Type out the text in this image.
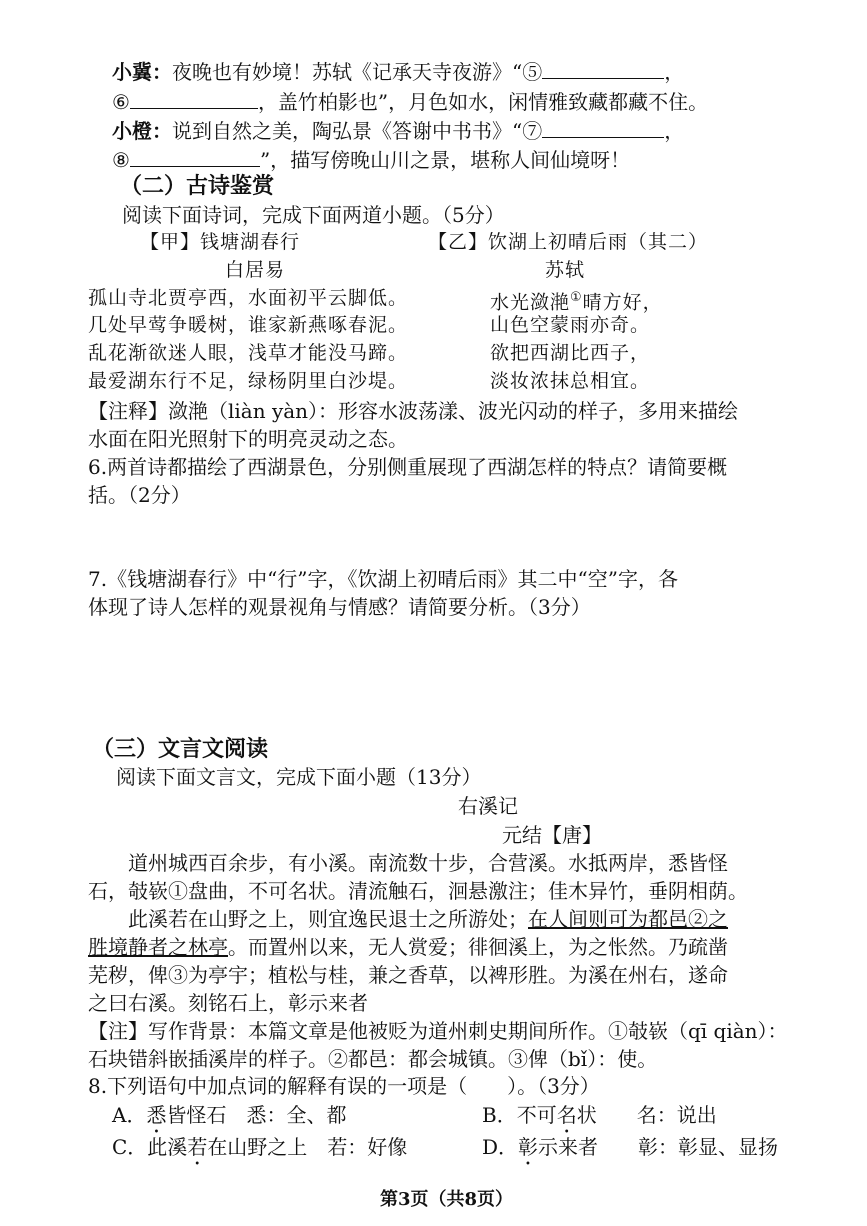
小冀：夜晚也有妙境！苏轼《记承天寺夜游》“⑤	，
⑥	，盖竹柏影也”，月色如水，闲情雅致藏都藏不住。
小橙：说到自然之美，陶弘景《答谢中书书》“⑦	，
⑧	”，描写傍晚山川之景，堪称人间仙境呀！
（二）古诗鉴赏
阅读下面诗词，完成下面两道小题。（5分）
【甲】钱塘湖春行	【乙】饮湖上初晴后雨（其二）
白居易	苏轼
孤山寺北贾亭西，水面初平云脚低。
几处早莺争暖树，谁家新燕啄春泥。
乱花渐欲迷人眼，浅草才能没马蹄。
最爱湖东行不足，绿杨阴里白沙堤。
水光潋滟①晴方好，
山色空蒙雨亦奇。
欲把西湖比西子，
淡妆浓抹总相宜。
【注释】潋滟（liàn yàn）：形容水波荡漾、波光闪动的样子，多用来描绘
水面在阳光照射下的明亮灵动之态。
6.两首诗都描绘了西湖景色，分别侧重展现了西湖怎样的特点？请简要概
括。（2分）
7.《钱塘湖春行》中“行”字，《饮湖上初晴后雨》其二中“空”字，各
体现了诗人怎样的观景视角与情感？请简要分析。（3分）
（三）文言文阅读
阅读下面文言文，完成下面小题（13分）
右溪记
元结【唐】
道州城西百余步，有小溪。南流数十步，合营溪。水抵两岸，悉皆怪
石，攲嵚①盘曲，不可名状。清流触石，洄悬激注；佳木异竹，垂阴相荫。
此溪若在山野之上，则宜逸民退士之所游处；在人间则可为都邑②之
胜境静者之林亭。而置州以来，无人赏爱；徘徊溪上，为之怅然。乃疏凿
芜秽，俾③为亭宇；植松与桂，兼之香草，以裨形胜。为溪在州右，遂命
之曰右溪。刻铭石上，彰示来者
【注】写作背景：本篇文章是他被贬为道州刺史期间所作。①攲嵚（qī qiàn）：
石块错斜嵌插溪岸的样子。②都邑：都会城镇。③俾（bǐ）：使。
8.下列语句中加点词的解释有误的一项是（　　）。（3分）
A．悉皆怪石　 悉：全、都	B．不可名状　　 名：说出
C．此溪若在山野之上　 若：好像	D．彰示来者　　 彰：彰显、显扬
第3页（共8页）
